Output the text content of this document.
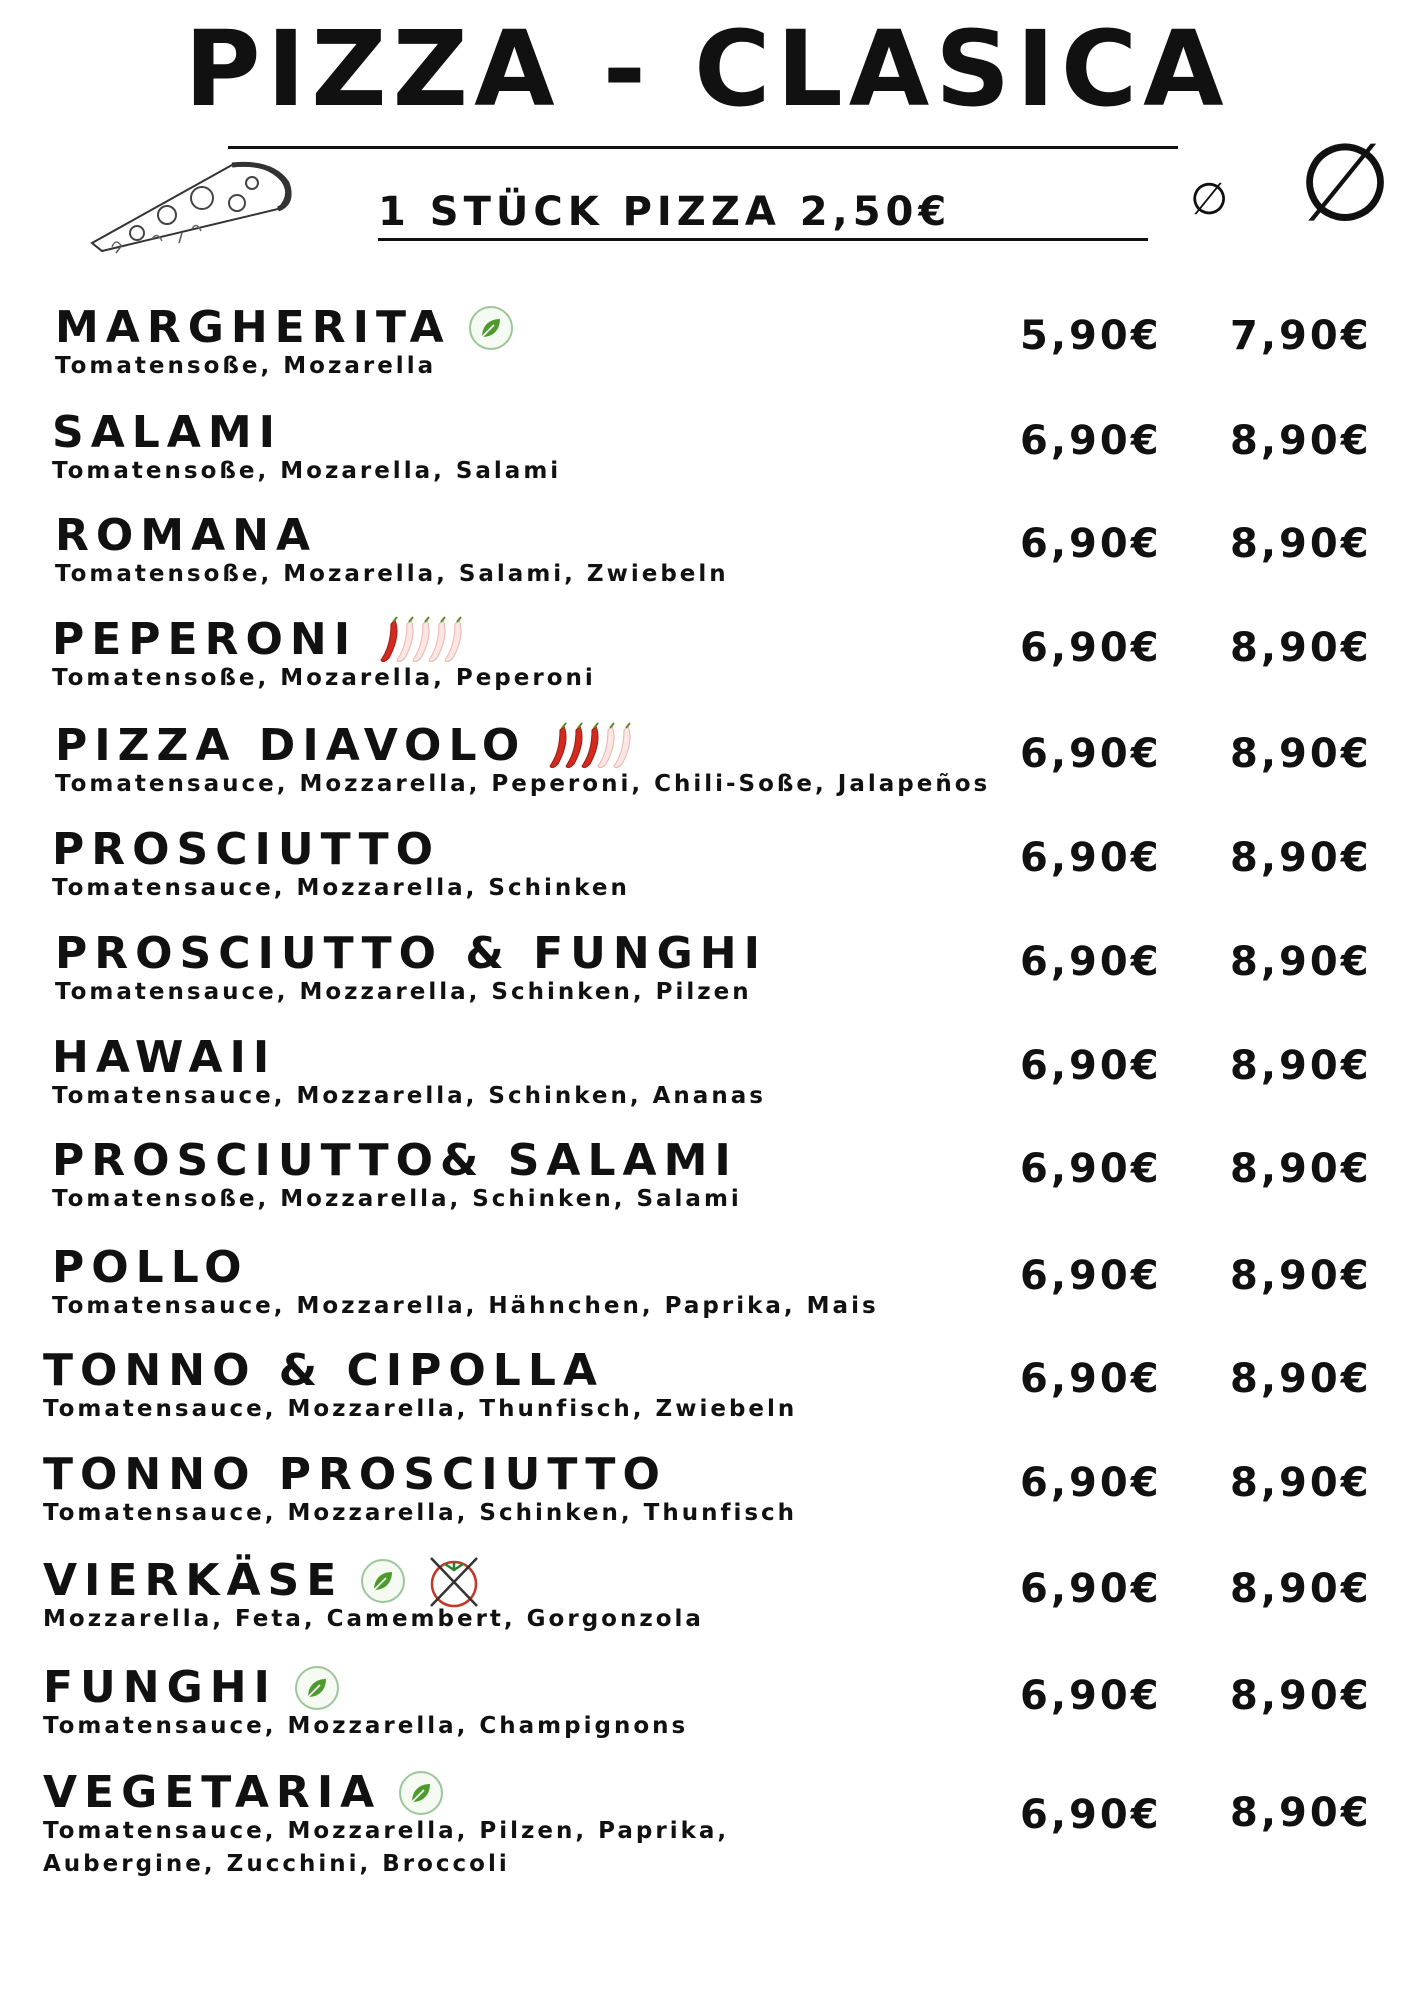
PIZZA - CLASICA
1 STÜCK PIZZA 2,50€	∅ ∅
MARGHERITA
Tomatensoße, Mozarella
5,90€ 7,90€
SALAMI
Tomatensoße, Mozarella, Salami
6,90€ 8,90€
ROMANA
Tomatensoße, Mozarella, Salami, Zwiebeln
6,90€ 8,90€
PEPERONI
Tomatensoße, Mozarella, Peperoni
6,90€ 8,90€
PIZZA DIAVOLO
Tomatensauce, Mozzarella, Peperoni, Chili-Soße, Jalapeños
6,90€ 8,90€
PROSCIUTTO
Tomatensauce, Mozzarella, Schinken
6,90€ 8,90€
PROSCIUTTO & FUNGHI
Tomatensauce, Mozzarella, Schinken, Pilzen
6,90€ 8,90€
HAWAII
Tomatensauce, Mozzarella, Schinken, Ananas
6,90€ 8,90€
PROSCIUTTO& SALAMI
Tomatensoße, Mozzarella, Schinken, Salami
6,90€ 8,90€
POLLO
Tomatensauce, Mozzarella, Hähnchen, Paprika, Mais
6,90€ 8,90€
TONNO & CIPOLLA
Tomatensauce, Mozzarella, Thunfisch, Zwiebeln
6,90€ 8,90€
TONNO PROSCIUTTO
Tomatensauce, Mozzarella, Schinken, Thunfisch
6,90€ 8,90€
VIERKÄSE
Mozzarella, Feta, Camembert, Gorgonzola
6,90€ 8,90€
FUNGHI
Tomatensauce, Mozzarella, Champignons
6,90€ 8,90€
VEGETARIA
Tomatensauce, Mozzarella, Pilzen, Paprika, Aubergine, Zucchini, Broccoli
6,90€ 8,90€
